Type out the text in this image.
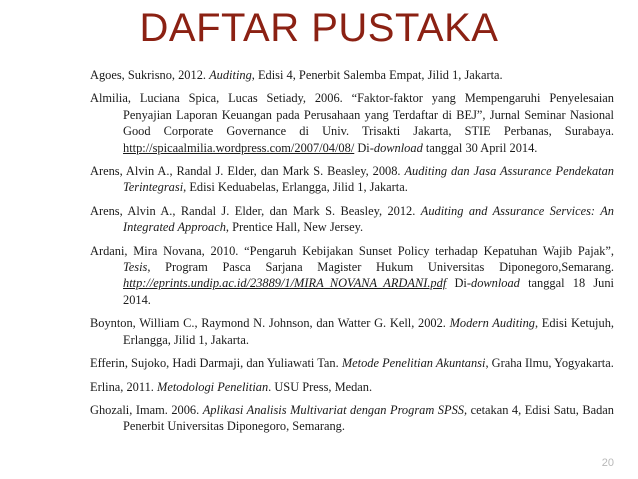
DAFTAR PUSTAKA

Agoes, Sukrisno, 2012. Auditing, Edisi 4, Penerbit Salemba Empat, Jilid 1, Jakarta.

Almilia, Luciana Spica, Lucas Setiady, 2006. “Faktor-faktor yang Mempengaruhi Penyelesaian Penyajian Laporan Keuangan pada Perusahaan yang Terdaftar di BEJ”, Jurnal Seminar Nasional Good Corporate Governance di Univ. Trisakti Jakarta, STIE Perbanas, Surabaya. http://spicaalmilia.wordpress.com/2007/04/08/ Di-download tanggal 30 April 2014.

Arens, Alvin A., Randal J. Elder, dan Mark S. Beasley, 2008. Auditing dan Jasa Assurance Pendekatan Terintegrasi, Edisi Keduabelas, Erlangga, Jilid 1, Jakarta.

Arens, Alvin A., Randal J. Elder, dan Mark S. Beasley, 2012. Auditing and Assurance Services: An Integrated Approach, Prentice Hall, New Jersey.

Ardani, Mira Novana, 2010. “Pengaruh Kebijakan Sunset Policy terhadap Kepatuhan Wajib Pajak”, Tesis, Program Pasca Sarjana Magister Hukum Universitas Diponegoro,Semarang. http://eprints.undip.ac.id/23889/1/MIRA_NOVANA_ARDANI.pdf Di-download tanggal 18 Juni 2014.

Boynton, William C., Raymond N. Johnson, dan Watter G. Kell, 2002. Modern Auditing, Edisi Ketujuh, Erlangga, Jilid 1, Jakarta.

Efferin, Sujoko, Hadi Darmaji, dan Yuliawati Tan. Metode Penelitian Akuntansi, Graha Ilmu, Yogyakarta.

Erlina, 2011. Metodologi Penelitian. USU Press, Medan.

Ghozali, Imam. 2006. Aplikasi Analisis Multivariat dengan Program SPSS, cetakan 4, Edisi Satu, Badan Penerbit Universitas Diponegoro, Semarang.

20
